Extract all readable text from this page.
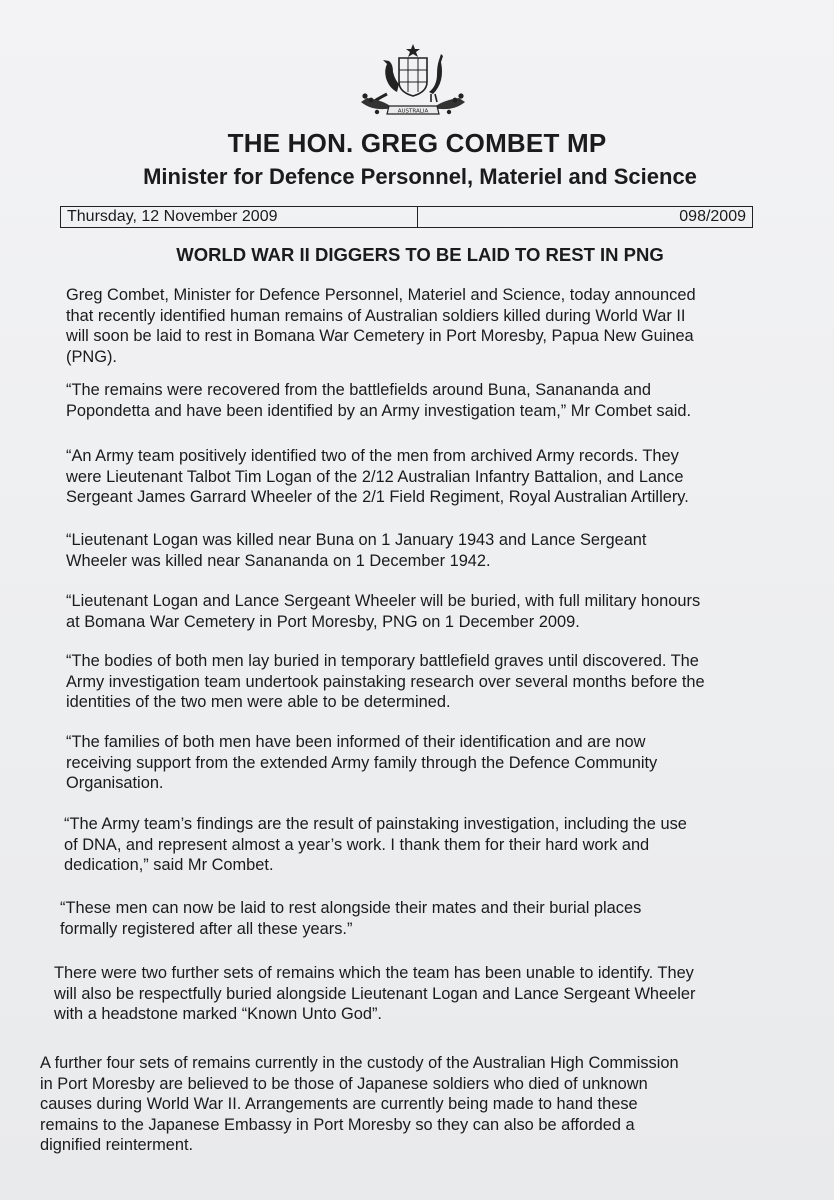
AUSTRALIA
THE HON. GREG COMBET MP
Minister for Defence Personnel, Materiel and Science
Thursday, 12 November 2009	098/2009
WORLD WAR II DIGGERS TO BE LAID TO REST IN PNG
Greg Combet, Minister for Defence Personnel, Materiel and Science, today announced
that recently identified human remains of Australian soldiers killed during World War II
will soon be laid to rest in Bomana War Cemetery in Port Moresby, Papua New Guinea
(PNG).
“The remains were recovered from the battlefields around Buna, Sanananda and
Popondetta and have been identified by an Army investigation team,” Mr Combet said.
“An Army team positively identified two of the men from archived Army records. They
were Lieutenant Talbot Tim Logan of the 2/12 Australian Infantry Battalion, and Lance
Sergeant James Garrard Wheeler of the 2/1 Field Regiment, Royal Australian Artillery.
“Lieutenant Logan was killed near Buna on 1 January 1943 and Lance Sergeant
Wheeler was killed near Sanananda on 1 December 1942.
“Lieutenant Logan and Lance Sergeant Wheeler will be buried, with full military honours
at Bomana War Cemetery in Port Moresby, PNG on 1 December 2009.
“The bodies of both men lay buried in temporary battlefield graves until discovered. The
Army investigation team undertook painstaking research over several months before the
identities of the two men were able to be determined.
“The families of both men have been informed of their identification and are now
receiving support from the extended Army family through the Defence Community
Organisation.
“The Army team’s findings are the result of painstaking investigation, including the use
of DNA, and represent almost a year’s work. I thank them for their hard work and
dedication,” said Mr Combet.
“These men can now be laid to rest alongside their mates and their burial places
formally registered after all these years.”
There were two further sets of remains which the team has been unable to identify. They
will also be respectfully buried alongside Lieutenant Logan and Lance Sergeant Wheeler
with a headstone marked “Known Unto God”.
A further four sets of remains currently in the custody of the Australian High Commission
in Port Moresby are believed to be those of Japanese soldiers who died of unknown
causes during World War II. Arrangements are currently being made to hand these
remains to the Japanese Embassy in Port Moresby so they can also be afforded a
dignified reinterment.
